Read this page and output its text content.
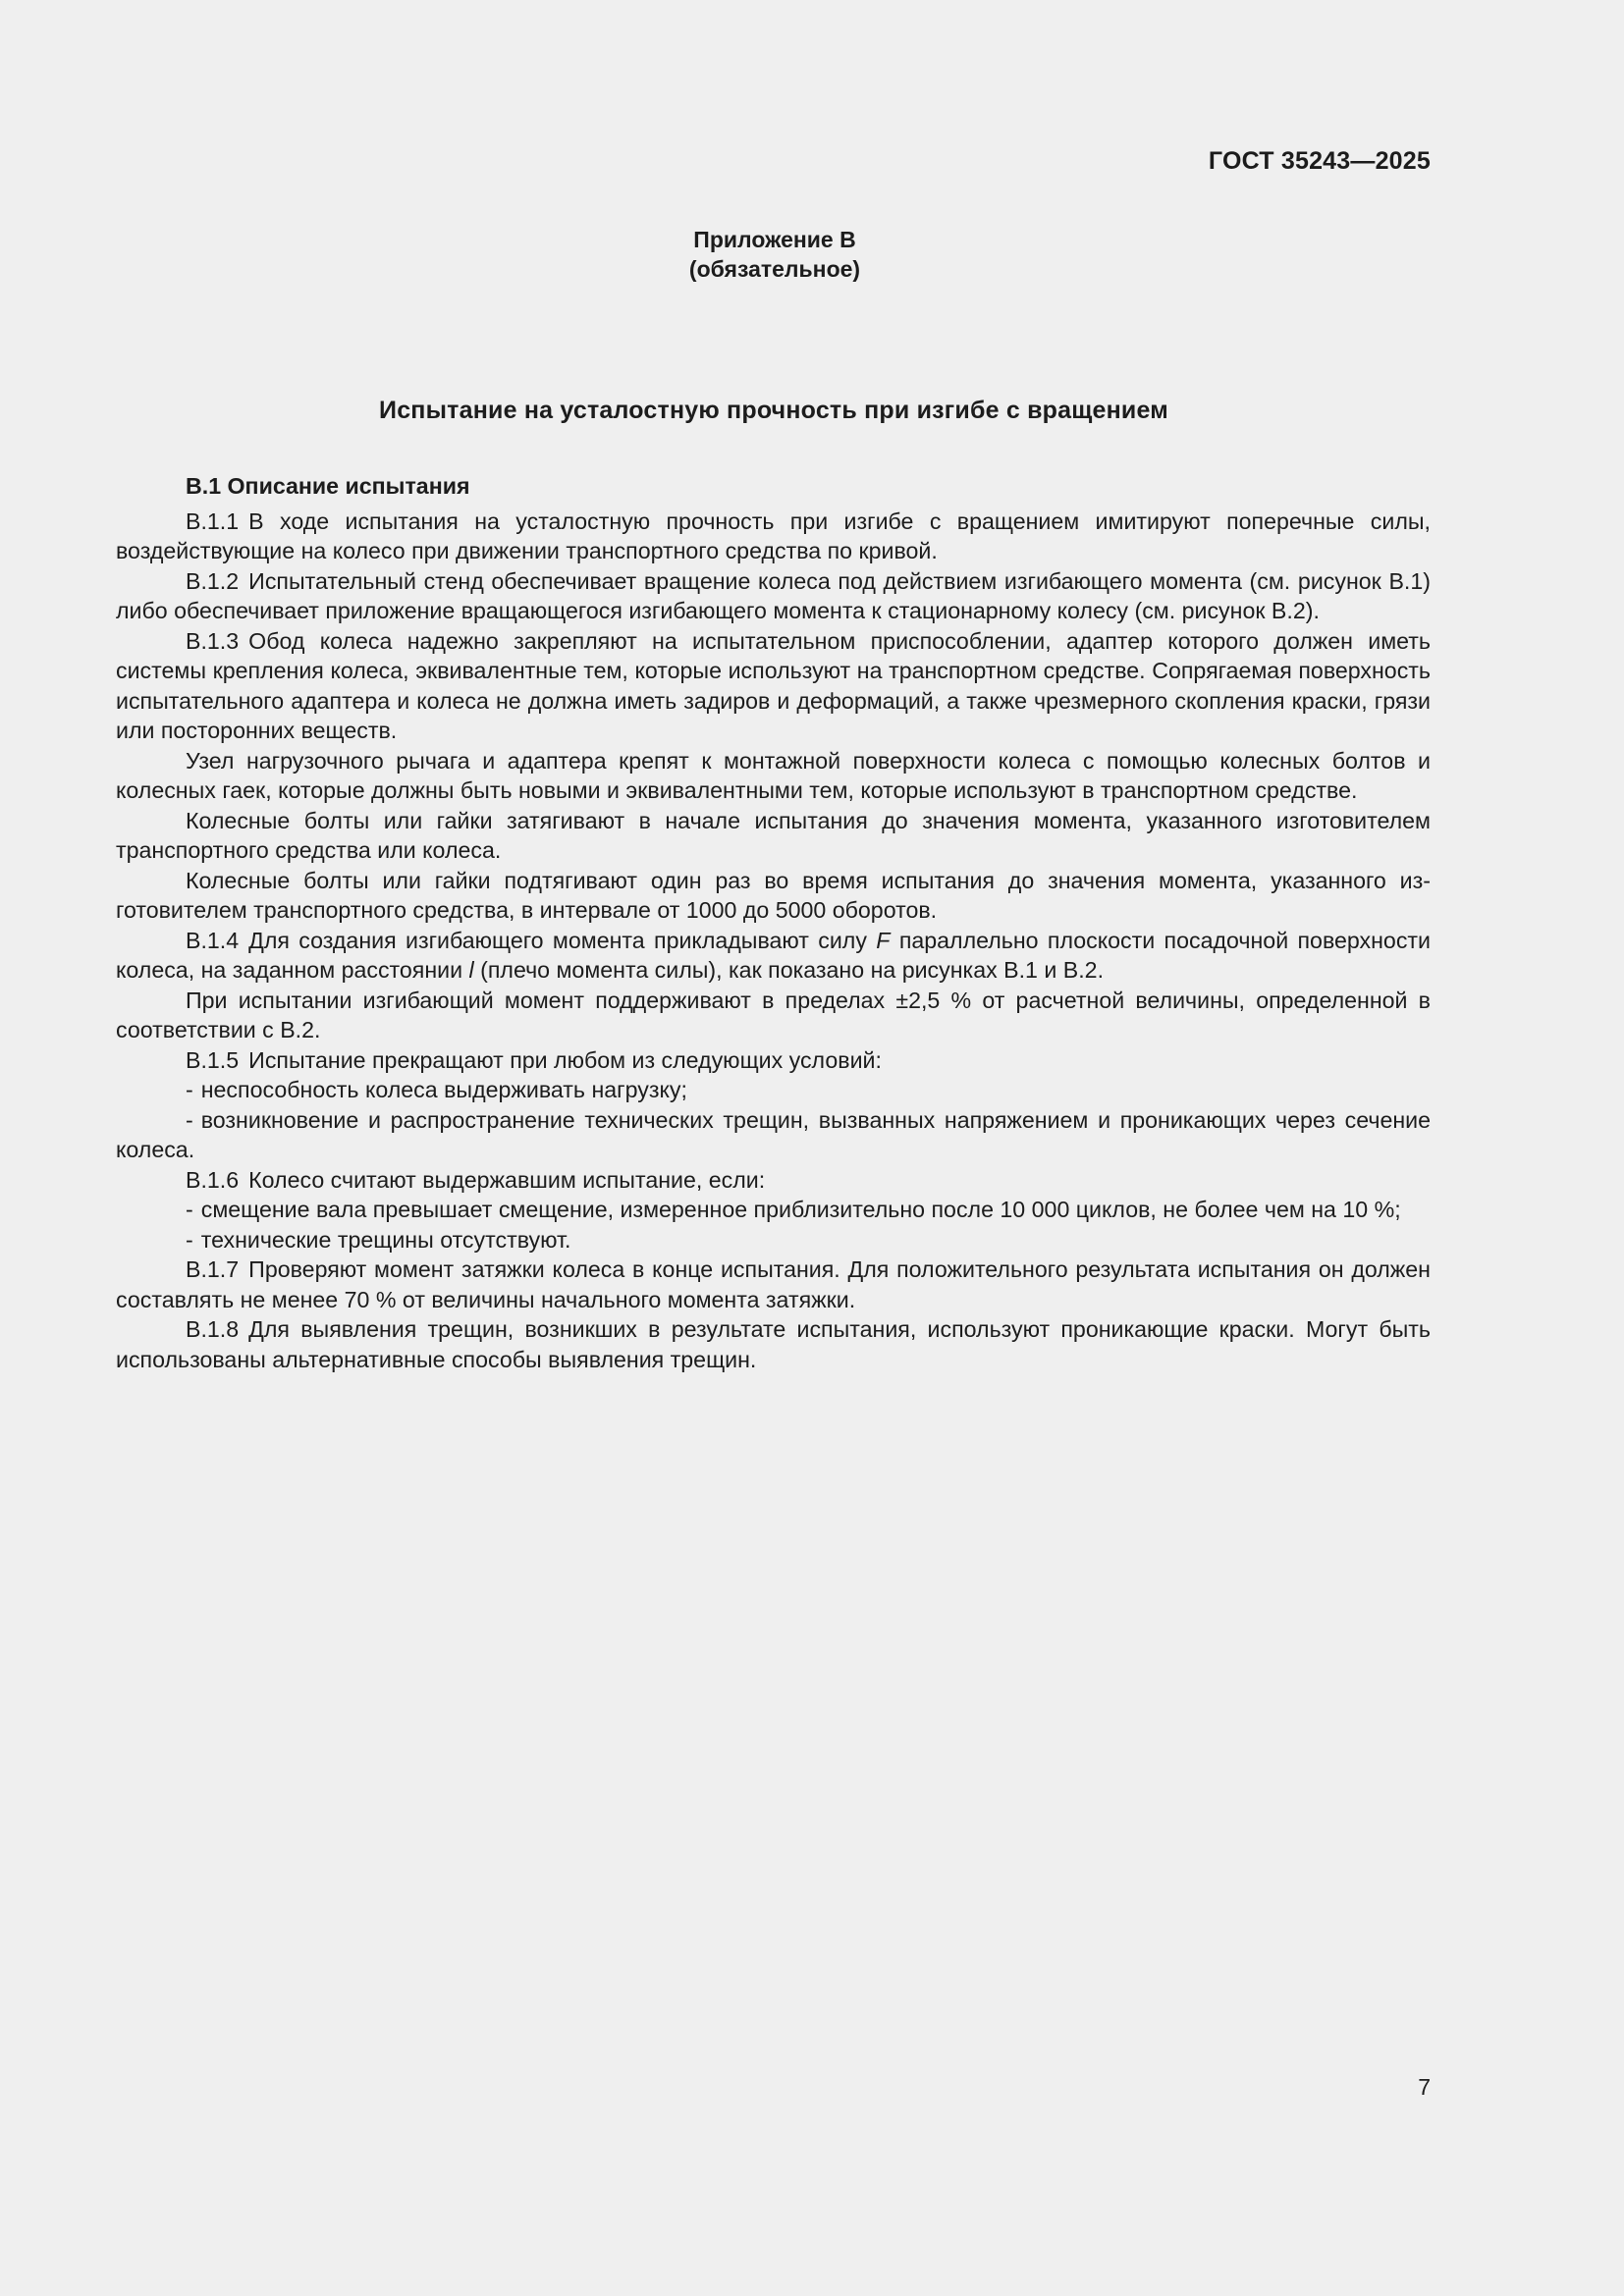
ГОСТ 35243—2025
Приложение В
(обязательное)
Испытание на усталостную прочность при изгибе с вращением

В.1 Описание испытания

В.1.1 В ходе испытания на усталостную прочность при изгибе с вращением имитируют поперечные силы, воздействующие на колесо при движении транспортного средства по кривой.

В.1.2 Испытательный стенд обеспечивает вращение колеса под действием изгибающего момента (см. рисунок В.1) либо обеспечивает приложение вращающегося изгибающего момента к стационарному колесу (см. рисунок В.2).

В.1.3 Обод колеса надежно закрепляют на испытательном приспособлении, адаптер которого должен иметь системы крепления колеса, эквивалентные тем, которые используют на транспортном средстве. Сопрягаемая поверхность испытательного адаптера и колеса не должна иметь задиров и деформаций, а также чрезмерного скопления краски, грязи или посторонних веществ.

Узел нагрузочного рычага и адаптера крепят к монтажной поверхности колеса с помощью колесных болтов и колесных гаек, которые должны быть новыми и эквивалентными тем, которые используют в транспортном средстве.

Колесные болты или гайки затягивают в начале испытания до значения момента, указанного изготовителем транспортного средства или колеса.

Колесные болты или гайки подтягивают один раз во время испытания до значения момента, указанного изготовителем транспортного средства, в интервале от 1000 до 5000 оборотов.

В.1.4 Для создания изгибающего момента прикладывают силу F параллельно плоскости посадочной поверхности колеса, на заданном расстоянии l (плечо момента силы), как показано на рисунках В.1 и В.2.

При испытании изгибающий момент поддерживают в пределах ±2,5 % от расчетной величины, определенной в соответствии с В.2.

В.1.5 Испытание прекращают при любом из следующих условий:

- неспособность колеса выдерживать нагрузку;

- возникновение и распространение технических трещин, вызванных напряжением и проникающих через сечение колеса.

В.1.6 Колесо считают выдержавшим испытание, если:

- смещение вала превышает смещение, измеренное приблизительно после 10 000 циклов, не более чем на 10 %;

- технические трещины отсутствуют.

В.1.7 Проверяют момент затяжки колеса в конце испытания. Для положительного результата испытания он должен составлять не менее 70 % от величины начального момента затяжки.

В.1.8 Для выявления трещин, возникших в результате испытания, используют проникающие краски. Могут быть использованы альтернативные способы выявления трещин.

7
